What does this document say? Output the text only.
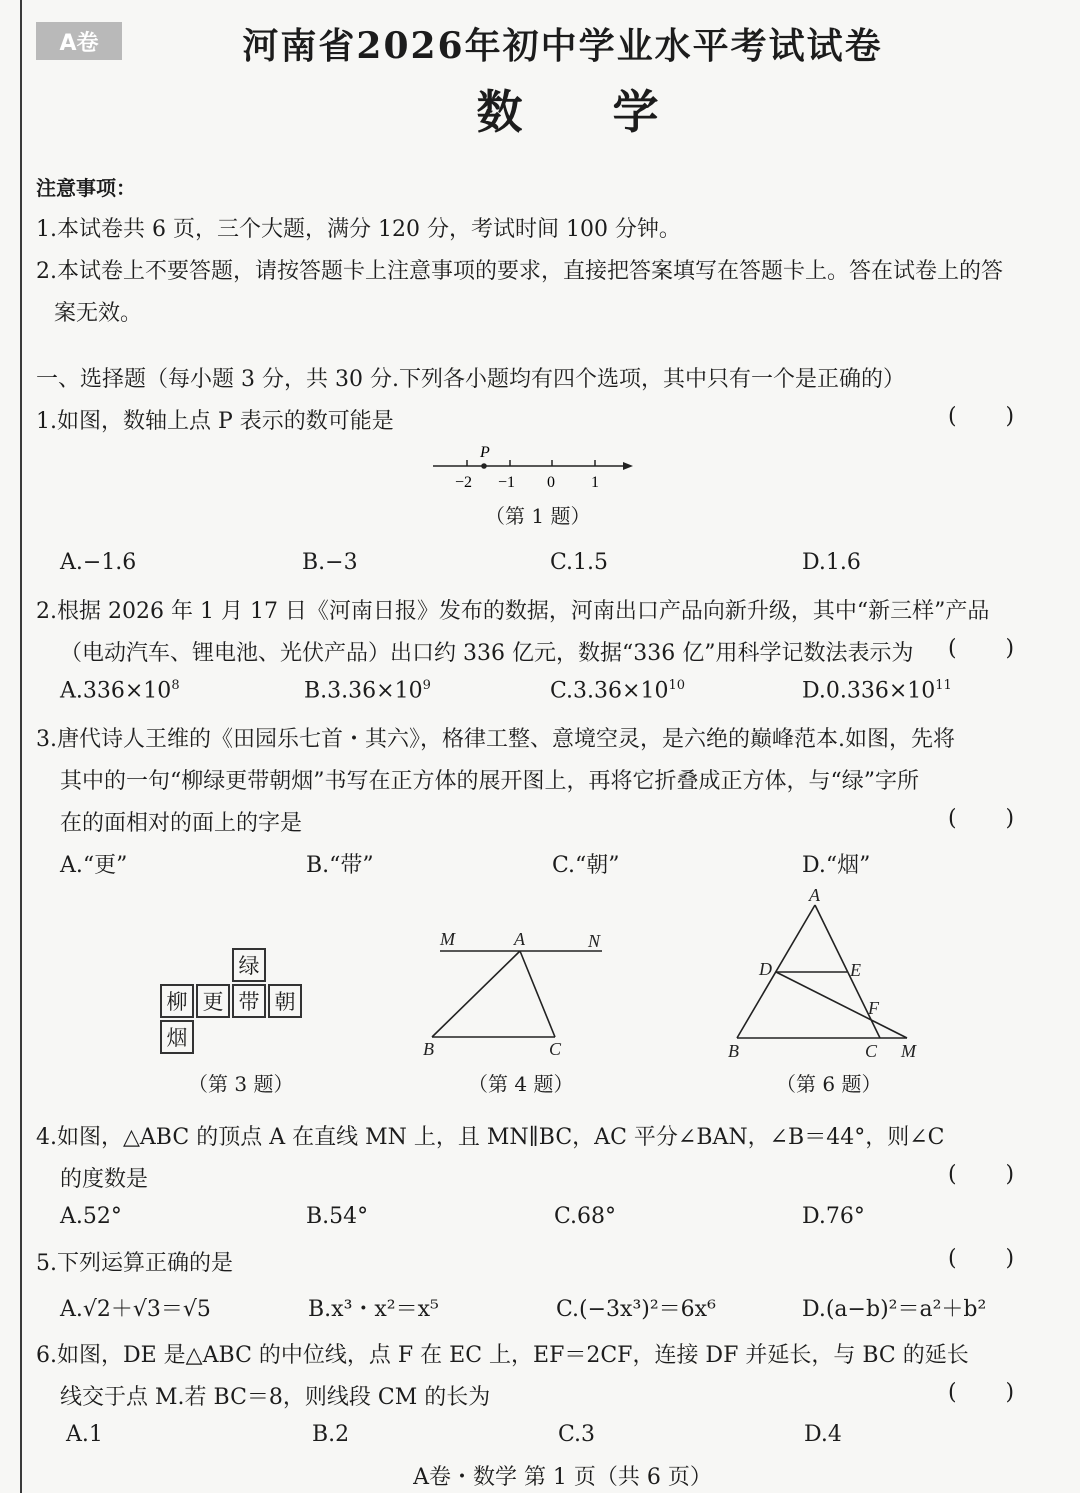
A卷	河南省2026年初中学业水平考试试卷
数学
注意事项：
1.本试卷共 6 页，三个大题，满分 120 分，考试时间 100 分钟。
2.本试卷上不要答题，请按答题卡上注意事项的要求，直接把答案填写在答题卡上。答在试卷上的答
案无效。
一、选择题（每小题 3 分，共 30 分.下列各小题均有四个选项，其中只有一个是正确的）
1.如图，数轴上点 P 表示的数可能是	(       )
P
−2 −1 0 1
（第 1 题）
A.−1.6	B.−3	C.1.5	D.1.6
2.根据 2026 年 1 月 17 日《河南日报》发布的数据，河南出口产品向新升级，其中“新三样”产品
（电动汽车、锂电池、光伏产品）出口约 336 亿元，数据“336 亿”用科学记数法表示为 (       )
$A.336\times 10^8$	$B.3.36\times 10^9$	$C.3.36\times 10^{10}$	$D.0.336\times 10^{11}$
3.唐代诗人王维的《田园乐七首・其六》，格律工整、意境空灵，是六绝的巅峰范本.如图，先将
其中的一句“柳绿更带朝烟”书写在正方体的展开图上，再将它折叠成正方体，与“绿”字所
在的面相对的面上的字是	(       )
A.“更”	B.“带”	C.“朝”	D.“烟”
绿
柳 更 带 朝
烟
（第 3 题）
M	A	N
B	C
（第 4 题）
A
D	E
F
B	C M
（第 6 题）
4.如图，△ABC 的顶点 A 在直线 MN 上，且 MN∥BC，AC 平分∠BAN，∠B＝44°，则∠C
的度数是	(       )
A.52°	B.54°	C.68°	D.76°
5.下列运算正确的是	(       )
A.√2＋√3＝√5	B.x³・x²＝x⁵	C.(−3x³)²＝6x⁶	D.(a−b)²＝a²＋b²
6.如图，DE 是△ABC 的中位线，点 F 在 EC 上，EF＝2CF，连接 DF 并延长，与 BC 的延长
线交于点 M.若 BC＝8，则线段 CM 的长为	(       )
A.1	B.2	C.3	D.4
A卷・数学 第 1 页（共 6 页）
